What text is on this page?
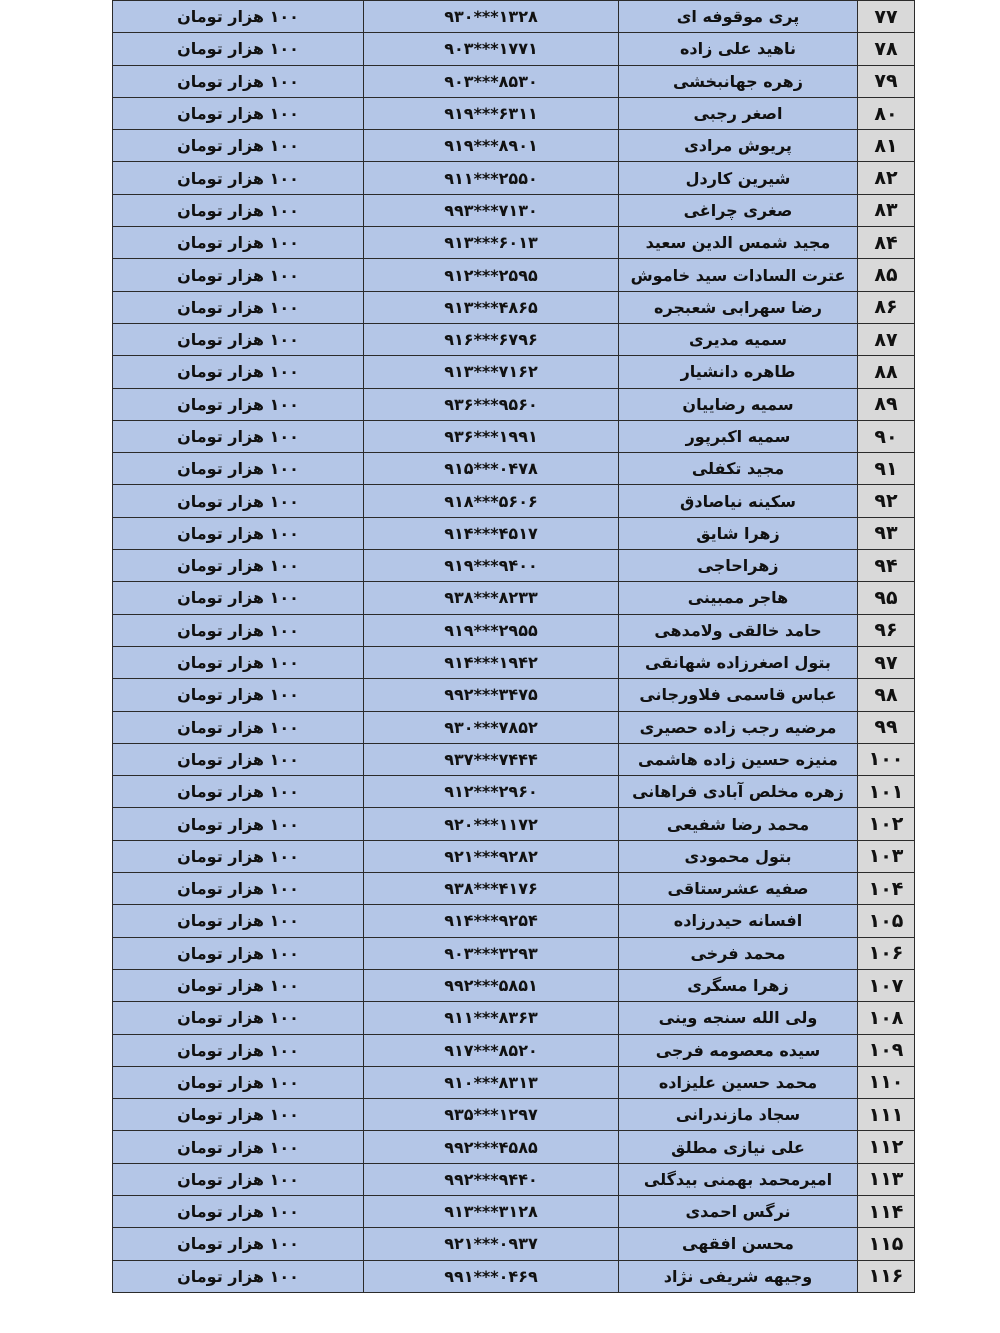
۷۷	پری موقوفه ای	۹۳۰***۱۳۲۸	۱۰۰ هزار تومان
۷۸	ناهید علی زاده	۹۰۳***۱۷۷۱	۱۰۰ هزار تومان
۷۹	زهره جهانبخشی	۹۰۳***۸۵۳۰	۱۰۰ هزار تومان
۸۰	اصغر رجبی	۹۱۹***۶۳۱۱	۱۰۰ هزار تومان
۸۱	پریوش مرادی	۹۱۹***۸۹۰۱	۱۰۰ هزار تومان
۸۲	شیرین کاردل	۹۱۱***۲۵۵۰	۱۰۰ هزار تومان
۸۳	صغری چراغی	۹۹۳***۷۱۳۰	۱۰۰ هزار تومان
۸۴	مجید شمس الدین سعید	۹۱۳***۶۰۱۳	۱۰۰ هزار تومان
۸۵	عترت السادات سید خاموش	۹۱۲***۲۵۹۵	۱۰۰ هزار تومان
۸۶	رضا سهرابی شعبجره	۹۱۳***۴۸۶۵	۱۰۰ هزار تومان
۸۷	سمیه مدیری	۹۱۶***۶۷۹۶	۱۰۰ هزار تومان
۸۸	طاهره دانشیار	۹۱۳***۷۱۶۲	۱۰۰ هزار تومان
۸۹	سمیه رضاییان	۹۳۶***۹۵۶۰	۱۰۰ هزار تومان
۹۰	سمیه اکبرپور	۹۳۶***۱۹۹۱	۱۰۰ هزار تومان
۹۱	مجید تکفلی	۹۱۵***۰۴۷۸	۱۰۰ هزار تومان
۹۲	سکینه نیاصادق	۹۱۸***۵۶۰۶	۱۰۰ هزار تومان
۹۳	زهرا شایق	۹۱۴***۴۵۱۷	۱۰۰ هزار تومان
۹۴	زهراحاجی	۹۱۹***۹۴۰۰	۱۰۰ هزار تومان
۹۵	هاجر ممبینی	۹۳۸***۸۲۳۳	۱۰۰ هزار تومان
۹۶	حامد خالقی ولامدهی	۹۱۹***۲۹۵۵	۱۰۰ هزار تومان
۹۷	بتول اصغرزاده شهانقی	۹۱۴***۱۹۴۲	۱۰۰ هزار تومان
۹۸	عباس قاسمی فلاورجانی	۹۹۲***۳۴۷۵	۱۰۰ هزار تومان
۹۹	مرضیه رجب زاده حصیری	۹۳۰***۷۸۵۲	۱۰۰ هزار تومان
۱۰۰	منیزه حسین زاده هاشمی	۹۳۷***۷۴۴۴	۱۰۰ هزار تومان
۱۰۱	زهره مخلص آبادی فراهانی	۹۱۲***۲۹۶۰	۱۰۰ هزار تومان
۱۰۲	محمد رضا شفیعی	۹۲۰***۱۱۷۲	۱۰۰ هزار تومان
۱۰۳	بتول محمودی	۹۲۱***۹۲۸۲	۱۰۰ هزار تومان
۱۰۴	صفیه عشرستاقی	۹۳۸***۴۱۷۶	۱۰۰ هزار تومان
۱۰۵	افسانه حیدرزاده	۹۱۴***۹۲۵۴	۱۰۰ هزار تومان
۱۰۶	محمد فرخی	۹۰۳***۳۲۹۳	۱۰۰ هزار تومان
۱۰۷	زهرا مسگری	۹۹۲***۵۸۵۱	۱۰۰ هزار تومان
۱۰۸	ولی الله سنجه وینی	۹۱۱***۸۳۶۳	۱۰۰ هزار تومان
۱۰۹	سیده معصومه فرجی	۹۱۷***۸۵۲۰	۱۰۰ هزار تومان
۱۱۰	محمد حسین علیزاده	۹۱۰***۸۳۱۳	۱۰۰ هزار تومان
۱۱۱	سجاد مازندرانی	۹۳۵***۱۲۹۷	۱۰۰ هزار تومان
۱۱۲	علی نیازی مطلق	۹۹۲***۴۵۸۵	۱۰۰ هزار تومان
۱۱۳	امیرمحمد بهمنی بیدگلی	۹۹۲***۹۴۴۰	۱۰۰ هزار تومان
۱۱۴	نرگس احمدی	۹۱۳***۳۱۲۸	۱۰۰ هزار تومان
۱۱۵	محسن افقهی	۹۲۱***۰۹۳۷	۱۰۰ هزار تومان
۱۱۶	وجیهه شریفی نژاد	۹۹۱***۰۴۶۹	۱۰۰ هزار تومان
